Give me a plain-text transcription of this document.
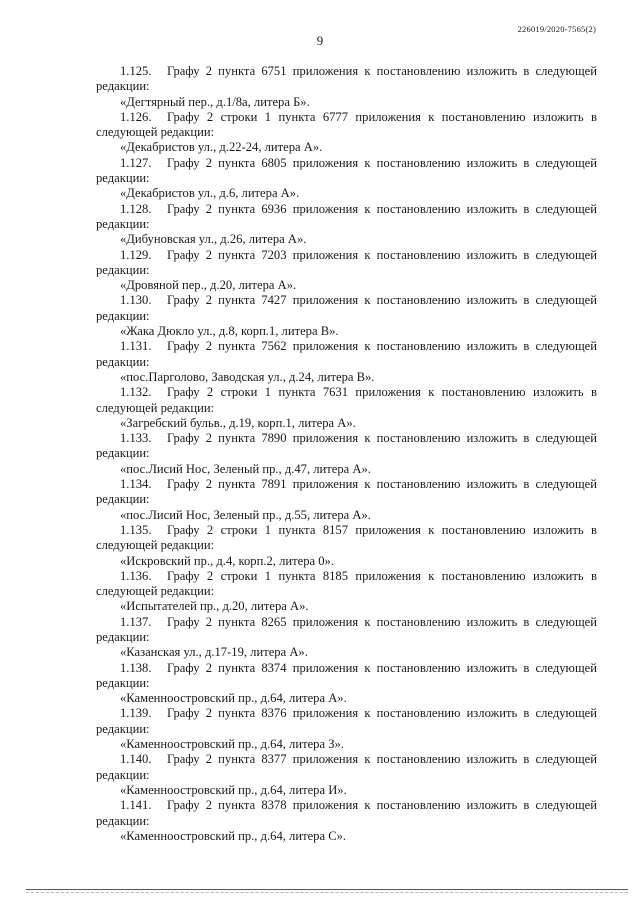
226019/2020-7565(2)
9

1.125. Графу 2 пункта 6751 приложения к постановлению изложить в следующей редакции:

«Дегтярный пер., д.1/8а, литера Б».

1.126. Графу 2 строки 1 пункта 6777 приложения к постановлению изложить в следующей редакции:

«Декабристов ул., д.22-24, литера А».

1.127. Графу 2 пункта 6805 приложения к постановлению изложить в следующей редакции:

«Декабристов ул., д.6, литера А».

1.128. Графу 2 пункта 6936 приложения к постановлению изложить в следующей редакции:

«Дибуновская ул., д.26, литера А».

1.129. Графу 2 пункта 7203 приложения к постановлению изложить в следующей редакции:

«Дровяной пер., д.20, литера А».

1.130. Графу 2 пункта 7427 приложения к постановлению изложить в следующей редакции:

«Жака Дюкло ул., д.8, корп.1, литера В».

1.131. Графу 2 пункта 7562 приложения к постановлению изложить в следующей редакции:

«пос.Парголово, Заводская ул., д.24, литера В».

1.132. Графу 2 строки 1 пункта 7631 приложения к постановлению изложить в следующей редакции:

«Загребский бульв., д.19, корп.1, литера А».

1.133. Графу 2 пункта 7890 приложения к постановлению изложить в следующей редакции:

«пос.Лисий Нос, Зеленый пр., д.47, литера А».

1.134. Графу 2 пункта 7891 приложения к постановлению изложить в следующей редакции:

«пос.Лисий Нос, Зеленый пр., д.55, литера А».

1.135. Графу 2 строки 1 пункта 8157 приложения к постановлению изложить в следующей редакции:

«Искровский пр., д.4, корп.2, литера 0».

1.136. Графу 2 строки 1 пункта 8185 приложения к постановлению изложить в следующей редакции:

«Испытателей пр., д.20, литера А».

1.137. Графу 2 пункта 8265 приложения к постановлению изложить в следующей редакции:

«Казанская ул., д.17-19, литера А».

1.138. Графу 2 пункта 8374 приложения к постановлению изложить в следующей редакции:

«Каменноостровский пр., д.64, литера А».

1.139. Графу 2 пункта 8376 приложения к постановлению изложить в следующей редакции:

«Каменноостровский пр., д.64, литера З».

1.140. Графу 2 пункта 8377 приложения к постановлению изложить в следующей редакции:

«Каменноостровский пр., д.64, литера И».

1.141. Графу 2 пункта 8378 приложения к постановлению изложить в следующей редакции:

«Каменноостровский пр., д.64, литера С».
